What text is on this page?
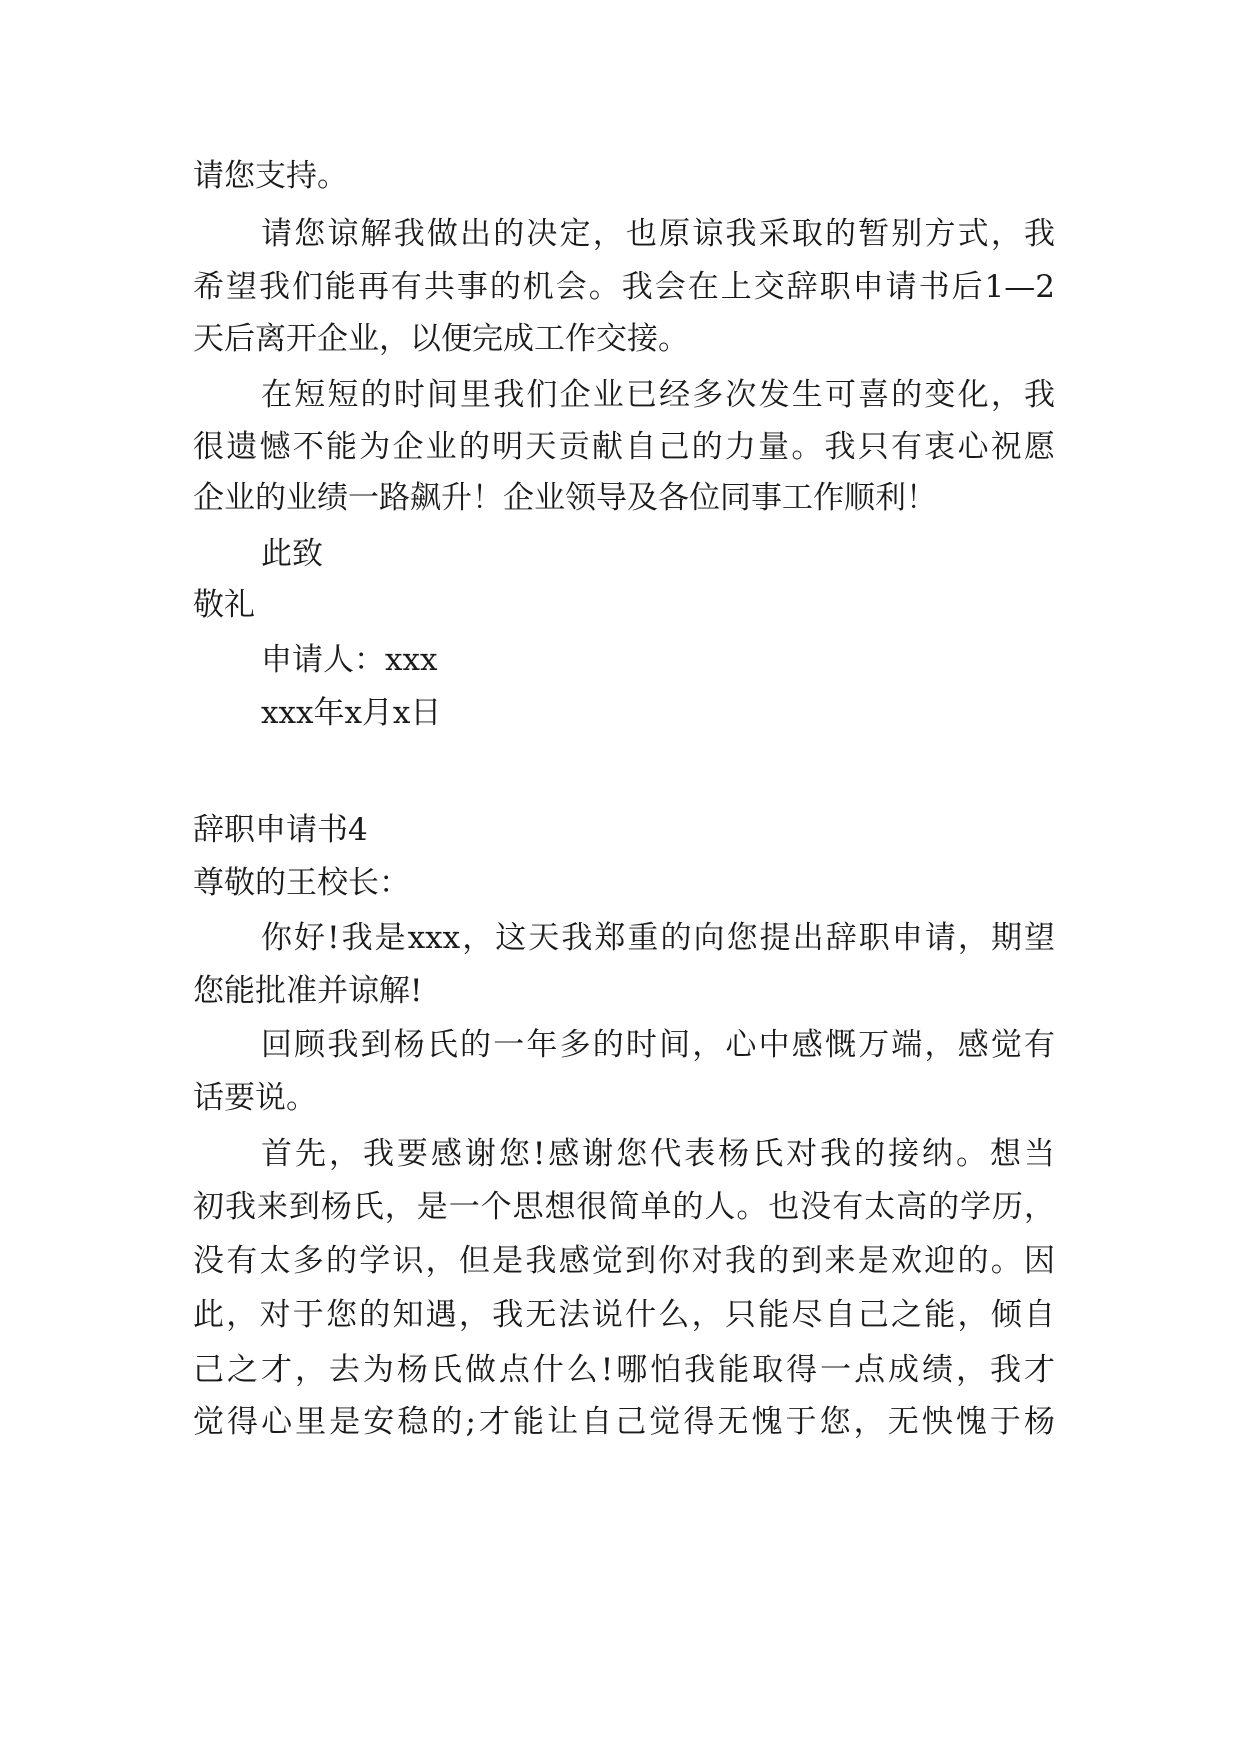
请您支持。
请您谅解我做出的决定，也原谅我采取的暂别方式，我
希望我们能再有共事的机会。我会在上交辞职申请书后1—2
天后离开企业，以便完成工作交接。
在短短的时间里我们企业已经多次发生可喜的变化，我
很遗憾不能为企业的明天贡献自己的力量。我只有衷心祝愿
企业的业绩一路飙升！企业领导及各位同事工作顺利！
此致
敬礼
申请人：xxx
xxx年x月x日
辞职申请书4
尊敬的王校长：
你好!我是xxx，这天我郑重的向您提出辞职申请，期望
您能批准并谅解!
回顾我到杨氏的一年多的时间，心中感慨万端，感觉有
话要说。
首先，我要感谢您!感谢您代表杨氏对我的接纳。想当
初我来到杨氏，是一个思想很简单的人。也没有太高的学历，
没有太多的学识，但是我感觉到你对我的到来是欢迎的。因
此，对于您的知遇，我无法说什么，只能尽自己之能，倾自
己之才，去为杨氏做点什么!哪怕我能取得一点成绩，我才
觉得心里是安稳的;才能让自己觉得无愧于您，无怏愧于杨
